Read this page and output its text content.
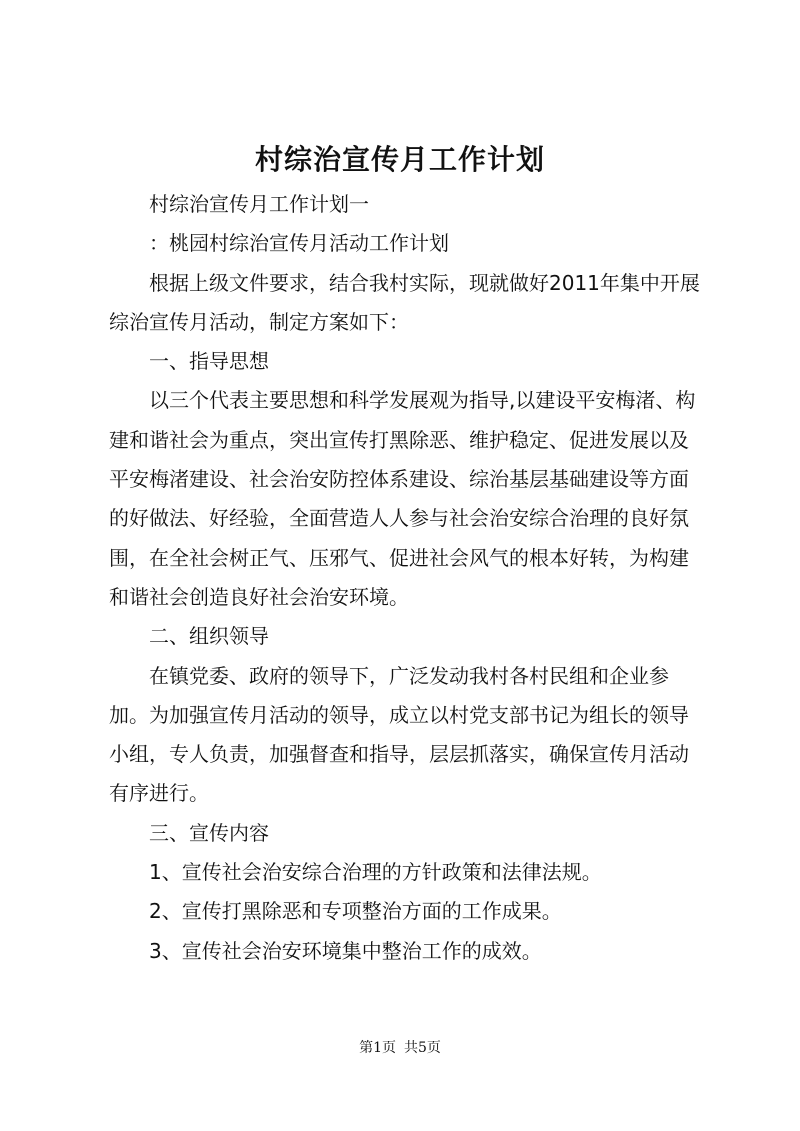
村综治宣传月工作计划

村综治宣传月工作计划一

：桃园村综治宣传月活动工作计划

根据上级文件要求，结合我村实际，现就做好2011年集中开展综治宣传月活动，制定方案如下：

一、指导思想

以三个代表主要思想和科学发展观为指导,以建设平安梅渚、构建和谐社会为重点，突出宣传打黑除恶、维护稳定、促进发展以及平安梅渚建设、社会治安防控体系建设、综治基层基础建设等方面的好做法、好经验，全面营造人人参与社会治安综合治理的良好氛围，在全社会树正气、压邪气、促进社会风气的根本好转，为构建和谐社会创造良好社会治安环境。

二、组织领导

在镇党委、政府的领导下，广泛发动我村各村民组和企业参加。为加强宣传月活动的领导，成立以村党支部书记为组长的领导小组，专人负责，加强督查和指导，层层抓落实，确保宣传月活动有序进行。

三、宣传内容

1、宣传社会治安综合治理的方针政策和法律法规。

2、宣传打黑除恶和专项整治方面的工作成果。

3、宣传社会治安环境集中整治工作的成效。

第1页 共5页
